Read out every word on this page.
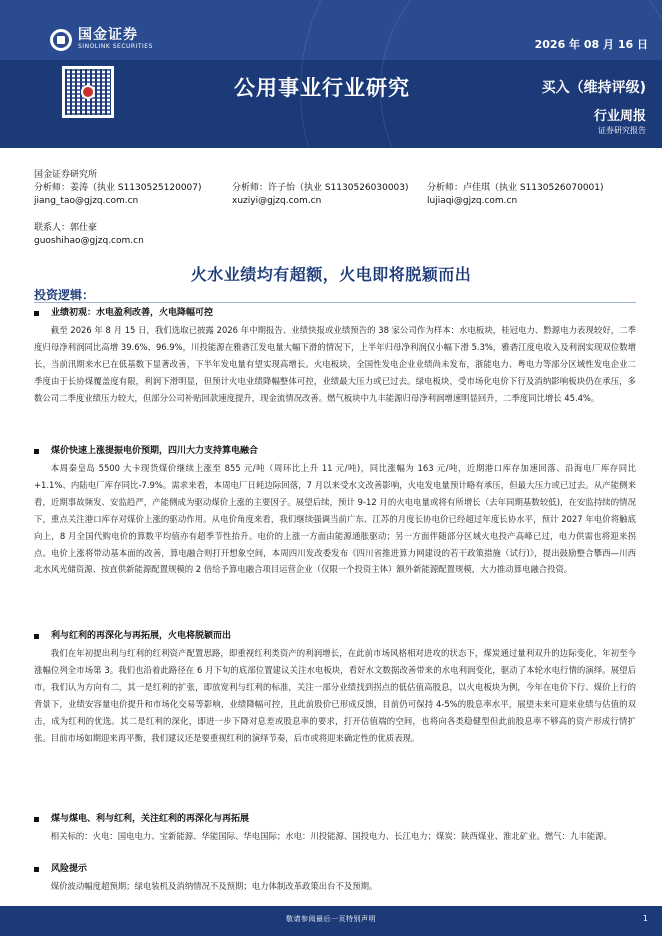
国金证券
SINOLINK SECURITIES	2026 年 08 月 16 日
公用事业行业研究	买入（维持评级)
行业周报
证券研究报告
国金证券研究所
分析师：姜涛（执业 S1130525120007)	分析师：许子怡（执业 S1130526030003) 分析师：卢佳琪（执业 S1130526070001)
jiang_tao@gjzq.com.cn	xuziyi@gjzq.com.cn	lujiaqi@gjzq.com.cn
联系人：郭仕豪
guoshihao@gjzq.com.cn
火水业绩均有超额，火电即将脱颖而出
投资逻辑：
业绩初观：水电盈利改善，火电降幅可控
截至 2026 年 8 月 15 日，我们选取已披露 2026 年中期报告、业绩快报或业绩预告的 38 家公司作为样本：水电板块，桂冠电力、黔源电力表现较好，二季度归母净利润同比高增 39.6%、96.9%，川投能源在雅砻江发电量大幅下滑的情况下，上半年归母净利润仅小幅下滑 5.3%，雅砻江度电收入及利润实现双位数增长，当前汛期来水已在低基数下显著改善，下半年发电量有望实现高增长。火电板块，全国性发电企业业绩尚未发布，浙能电力、粤电力等部分区域性发电企业二季度由于长协煤覆盖度有限，利润下滑明显，但预计火电业绩降幅整体可控，业绩最大压力或已过去。绿电板块，受市场化电价下行及消纳影响板块仍在承压，多数公司二季度业绩压力较大，但部分公司补贴回款速度提升，现金流情况改善。燃气板块中九丰能源归母净利润增速明显回升，二季度同比增长 45.4%。
煤价快速上涨提振电价预期，四川大力支持算电融合
本周秦皇岛 5500 大卡现货煤价继续上涨至 855 元/吨（周环比上升 11 元/吨)，同比涨幅为 163 元/吨，近期港口库存加速回落、沿海电厂库存同比+1.1%、内陆电厂库存同比-7.9%。需求来看，本周电厂日耗边际回落，7 月以来受水文改善影响，火电发电量预计略有承压，但最大压力或已过去。从产能侧来看，近期事故频发、安监趋严，产能侧成为驱动煤价上涨的主要因子。展望后续，预计 9-12 月的火电电量或将有所增长（去年同期基数较低)，在安监持续的情况下，重点关注港口库存对煤价上涨的驱动作用。从电价角度来看，我们继续强调当前广东、江苏的月度长协电价已经超过年度长协水平，预计 2027 年电价将触底向上，8 月全国代购电价的算数平均值亦有超季节性抬升。电价的上涨一方面由能源通胀驱动；另一方面伴随部分区域火电投产高峰已过，电力供需也将迎来拐点。电价上涨将带动基本面的改善，算电融合则打开想象空间，本周四川发改委发布《四川省推进算力网建设的若干政策措施（试行)》，提出鼓励整合攀西—川西北水风光储资源、按直供新能源配置规模的 2 倍给予算电融合项目运营企业（仅限一个投资主体）额外新能源配置规模，大力推动算电融合投资。
利与红利的再深化与再拓展，火电将脱颖而出
我们在年初提出利与红利的红利资产配置思路，即重视红利类资产的利润增长，在此前市场风格相对进攻的状态下，煤炭通过量利双升的边际变化，年初至今涨幅位列全市场第 3。我们也沿着此路径在 6 月下旬的底部位置建议关注水电板块，看好水文数据改善带来的水电利润变化，驱动了本轮水电行情的演绎。展望后市，我们认为方向有二，其一是红利的扩张，即放宽利与红利的标准，关注一部分业绩找到拐点的低估值高股息，以火电板块为例，今年在电价下行、煤价上行的背景下，业绩安容量电价提升和市场化交易等影响，业绩降幅可控，且此前股价已形成反馈，目前仍可保持 4-5%的股息率水平，展望未来可迎来业绩与估值的双击，成为红利的优选。其二是红利的深化，即进一步下降对息差或股息率的要求，打开估值端的空间，也将向各类稳健型但此前股息率不够高的资产形成行情扩张。目前市场如期迎来再平衡，我们建议还是要重视红利的演绎节奏，后市或将迎来确定性的优质表现。
煤与煤电、利与红利，关注红利的再深化与再拓展
相关标的：火电：国电电力、宝新能源、华能国际、华电国际；水电：川投能源、国投电力、长江电力；煤炭：陕西煤业、淮北矿业。燃气：九丰能源。
风险提示
煤价波动幅度超预期；绿电装机及消纳情况不及预期；电力体制改革政策出台不及预期。
敬请参阅最后一页特别声明	1
